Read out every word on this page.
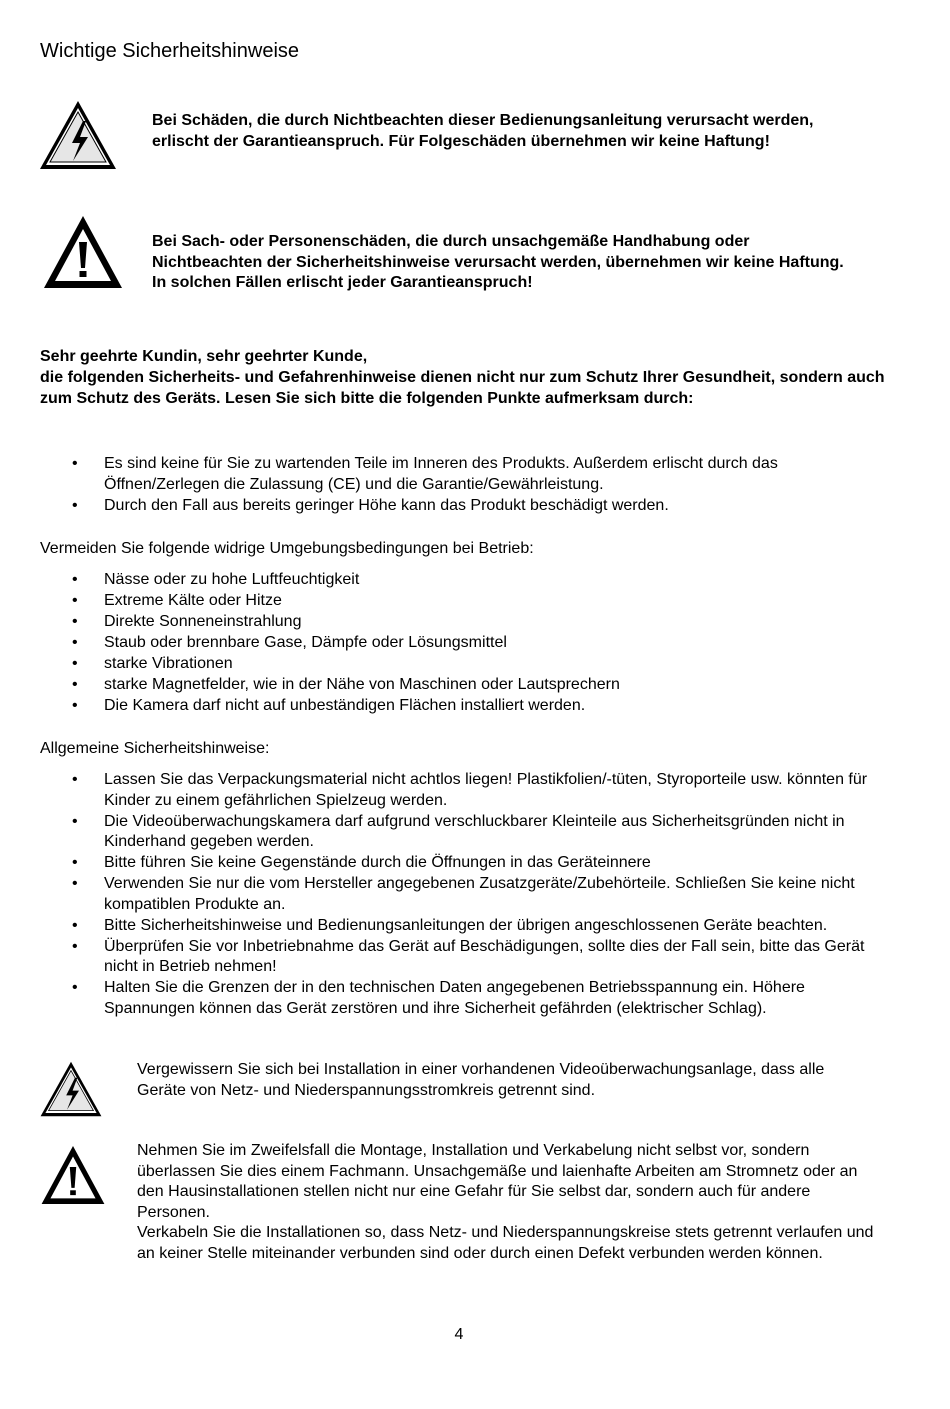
Wichtige Sicherheitshinweise
Bei Schäden, die durch Nichtbeachten dieser Bedienungsanleitung verursacht werden, erlischt der Garantieanspruch. Für Folgeschäden übernehmen wir keine Haftung!
Bei Sach- oder Personenschäden, die durch unsachgemäße Handhabung oder Nichtbeachten der Sicherheitshinweise verursacht werden, übernehmen wir keine Haftung. In solchen Fällen erlischt jeder Garantieanspruch!
Sehr geehrte Kundin, sehr geehrter Kunde,
die folgenden Sicherheits- und Gefahrenhinweise dienen nicht nur zum Schutz Ihrer Gesundheit, sondern auch zum Schutz des Geräts. Lesen Sie sich bitte die folgenden Punkte aufmerksam durch:
•	Es sind keine für Sie zu wartenden Teile im Inneren des Produkts. Außerdem erlischt durch das Öffnen/Zerlegen die Zulassung (CE) und die Garantie/Gewährleistung.
•	Durch den Fall aus bereits geringer Höhe kann das Produkt beschädigt werden.
Vermeiden Sie folgende widrige Umgebungsbedingungen bei Betrieb:
•	Nässe oder zu hohe Luftfeuchtigkeit
•	Extreme Kälte oder Hitze
•	Direkte Sonneneinstrahlung
•	Staub oder brennbare Gase, Dämpfe oder Lösungsmittel
•	starke Vibrationen
•	starke Magnetfelder, wie in der Nähe von Maschinen oder Lautsprechern
•	Die Kamera darf nicht auf unbeständigen Flächen installiert werden.
Allgemeine Sicherheitshinweise:
•	Lassen Sie das Verpackungsmaterial nicht achtlos liegen! Plastikfolien/-tüten, Styroporteile usw. könnten für Kinder zu einem gefährlichen Spielzeug werden.
•	Die Videoüberwachungskamera darf aufgrund verschluckbarer Kleinteile aus Sicherheitsgründen nicht in Kinderhand gegeben werden.
•	Bitte führen Sie keine Gegenstände durch die Öffnungen in das Geräteinnere
•	Verwenden Sie nur die vom Hersteller angegebenen Zusatzgeräte/Zubehörteile. Schließen Sie keine nicht kompatiblen Produkte an.
•	Bitte Sicherheitshinweise und Bedienungsanleitungen der übrigen angeschlossenen Geräte beachten.
•	Überprüfen Sie vor Inbetriebnahme das Gerät auf Beschädigungen, sollte dies der Fall sein, bitte das Gerät nicht in Betrieb nehmen!
•	Halten Sie die Grenzen der in den technischen Daten angegebenen Betriebsspannung ein. Höhere Spannungen können das Gerät zerstören und ihre Sicherheit gefährden (elektrischer Schlag).
Vergewissern Sie sich bei Installation in einer vorhandenen Videoüberwachungsanlage, dass alle Geräte von Netz- und Niederspannungsstromkreis getrennt sind.
Nehmen Sie im Zweifelsfall die Montage, Installation und Verkabelung nicht selbst vor, sondern überlassen Sie dies einem Fachmann. Unsachgemäße und laienhafte Arbeiten am Stromnetz oder an den Hausinstallationen stellen nicht nur eine Gefahr für Sie selbst dar, sondern auch für andere Personen.
Verkabeln Sie die Installationen so, dass Netz- und Niederspannungskreise stets getrennt verlaufen und an keiner Stelle miteinander verbunden sind oder durch einen Defekt verbunden werden können.
4
